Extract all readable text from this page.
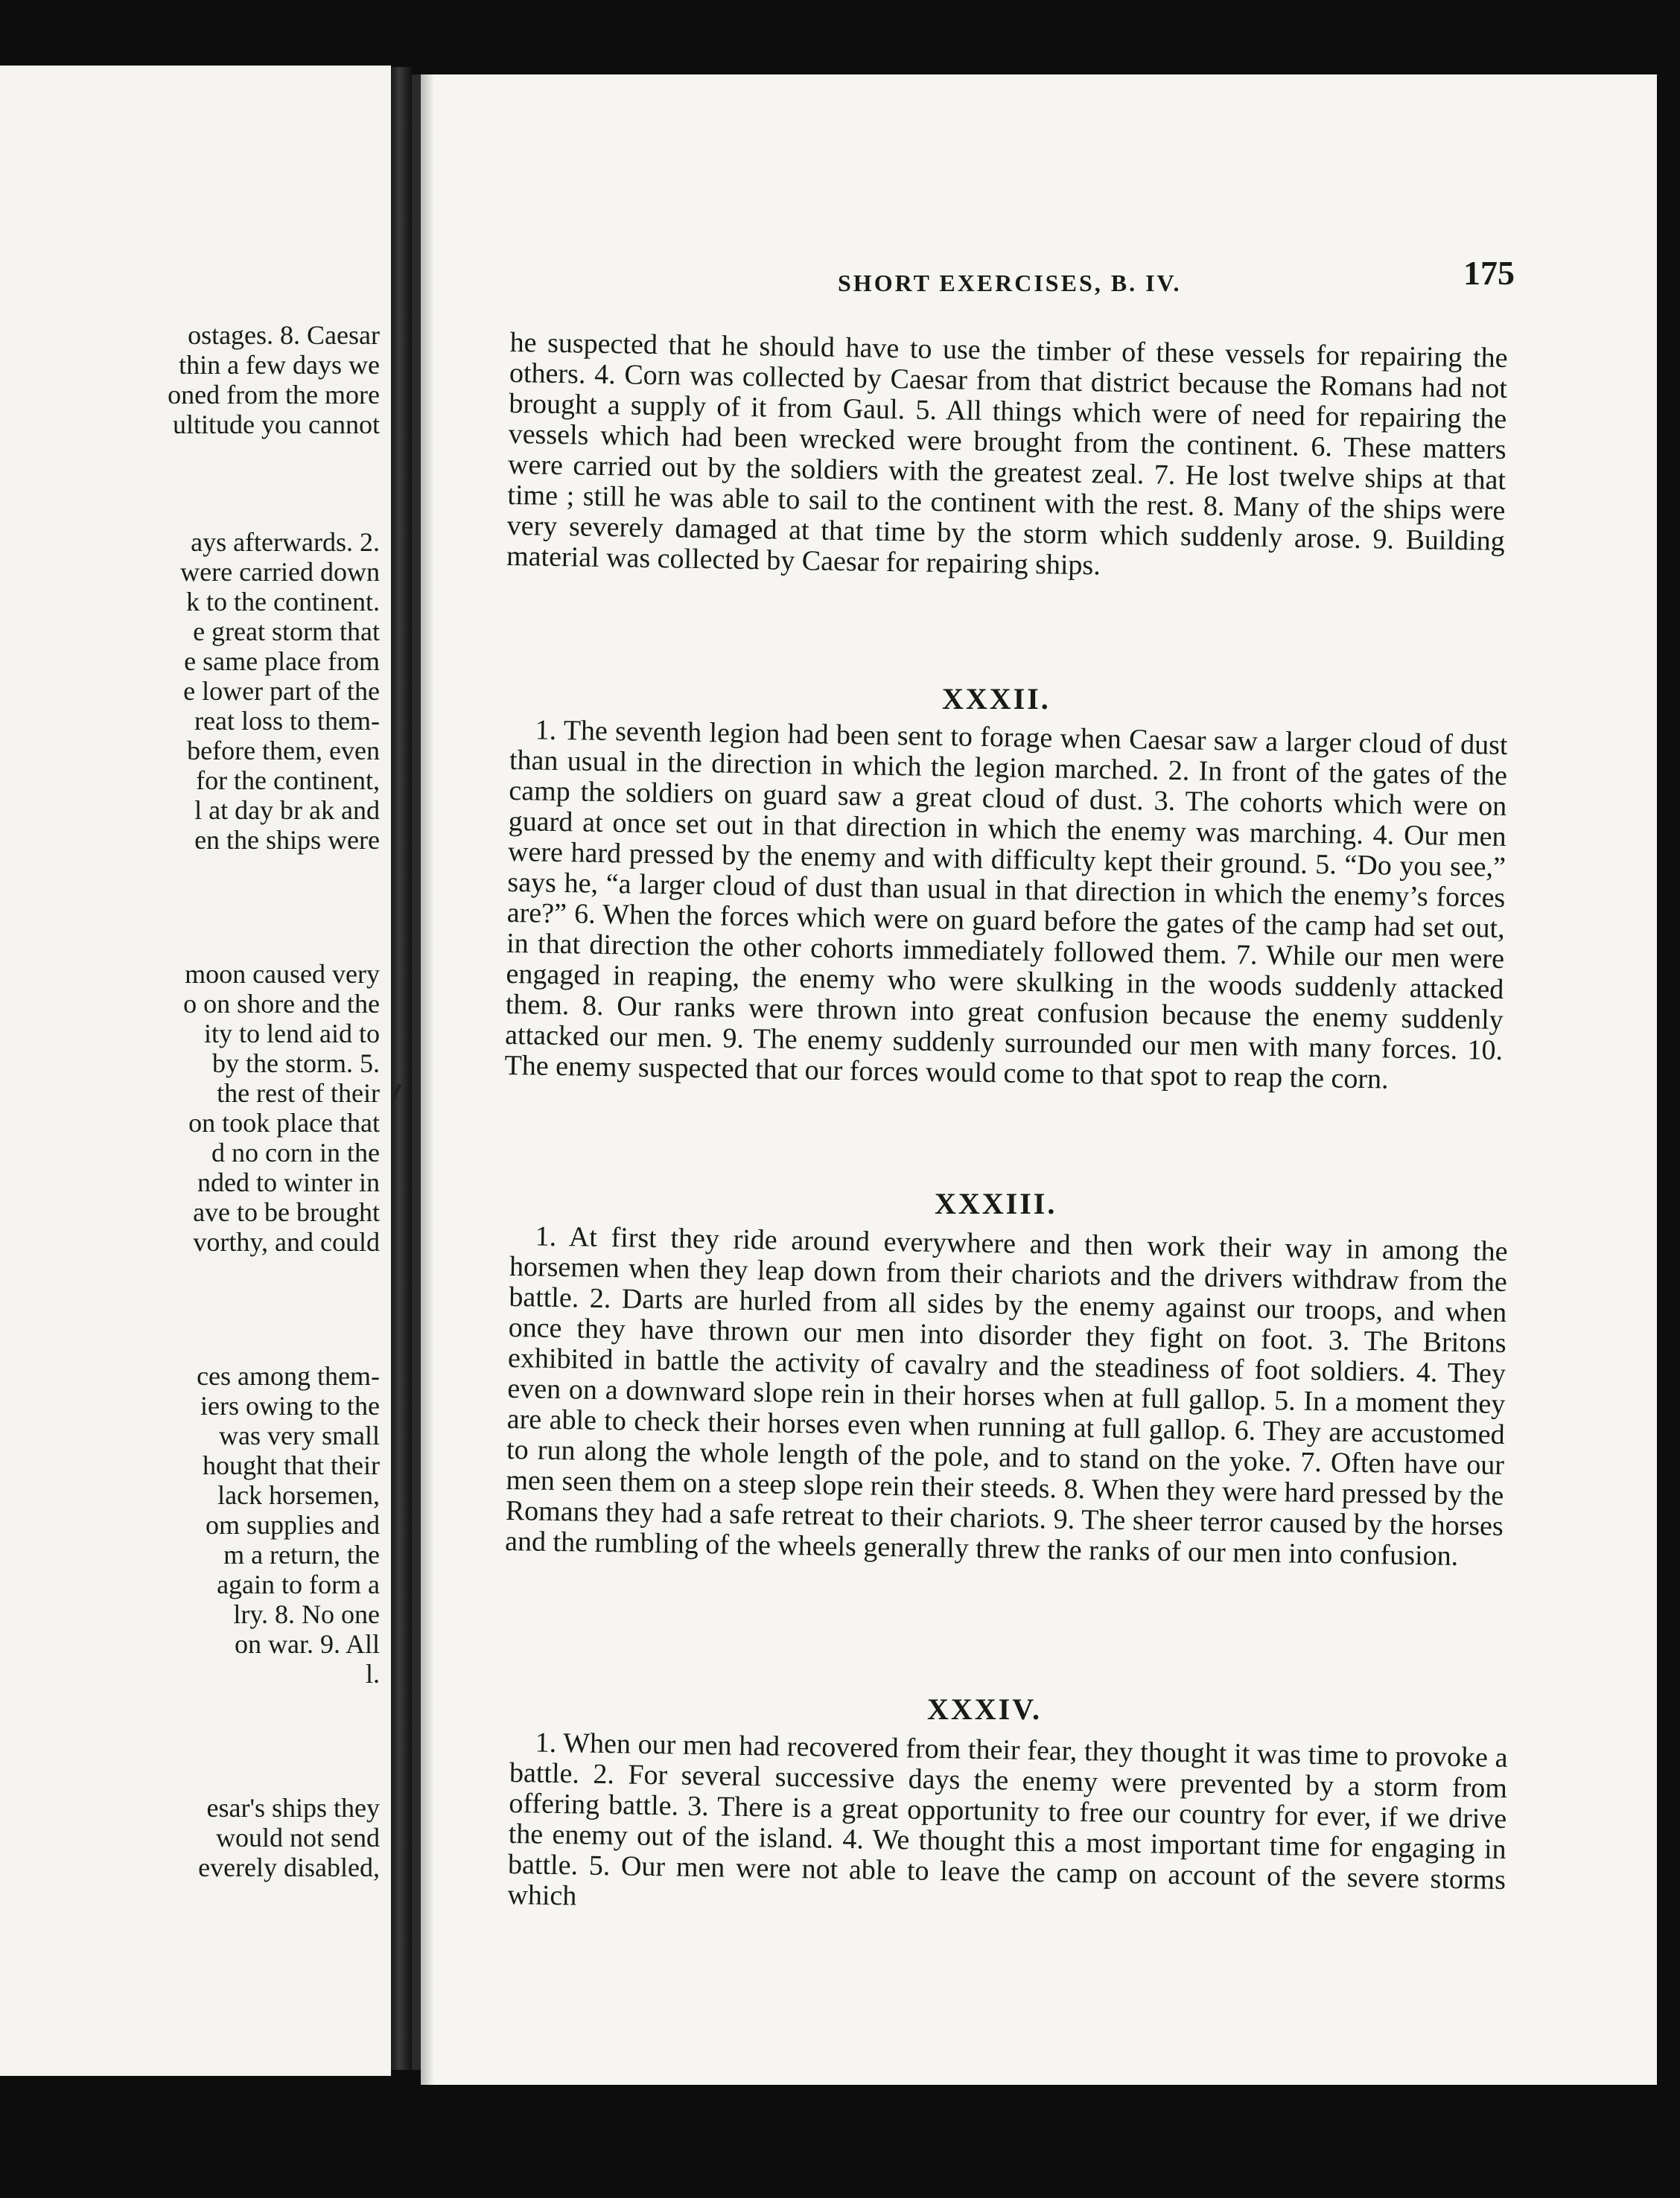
ostages. 8. Caesar
thin a few days we
oned from the more
ultitude you cannot
ays afterwards. 2.
were carried down
k to the continent.
e great storm that
e same place from
e lower part of the
reat loss to them-
before them, even
for the continent,
l at day br ak and
en the ships were
moon caused very
o on shore and the
ity to lend aid to
by the storm. 5.
the rest of their
on took place that
d no corn in the
nded to winter in
ave to be brought
vorthy, and could
ces among them-
iers owing to the
was very small
hought that their
lack horsemen,
om supplies and
m a return, the
again to form a
lry. 8. No one
on war. 9. All
l.
esar's ships they
would not send
everely disabled,
SHORT EXERCISES, B. IV.	175

he suspected that he should have to use the timber of these vessels for repairing the others. 4. Corn was collected by Caesar from that district because the Romans had not brought a supply of it from Gaul. 5. All things which were of need for repairing the vessels which had been wrecked were brought from the continent. 6. These matters were carried out by the soldiers with the greatest zeal. 7. He lost twelve ships at that time ; still he was able to sail to the continent with the rest. 8. Many of the ships were very severely damaged at that time by the storm which suddenly arose. 9. Building material was collected by Caesar for repairing ships.

XXXII.

1. The seventh legion had been sent to forage when Caesar saw a larger cloud of dust than usual in the direction in which the legion marched. 2. In front of the gates of the camp the soldiers on guard saw a great cloud of dust. 3. The cohorts which were on guard at once set out in that direction in which the enemy was marching. 4. Our men were hard pressed by the enemy and with difficulty kept their ground. 5. “Do you see,” says he, “a larger cloud of dust than usual in that direction in which the enemy’s forces are?” 6. When the forces which were on guard before the gates of the camp had set out, in that direction the other cohorts immediately followed them. 7. While our men were engaged in reaping, the enemy who were skulking in the woods suddenly attacked them. 8. Our ranks were thrown into great confusion because the enemy suddenly attacked our men. 9. The enemy suddenly surrounded our men with many forces. 10. The enemy suspected that our forces would come to that spot to reap the corn.

XXXIII.

1. At first they ride around everywhere and then work their way in among the horsemen when they leap down from their chariots and the drivers withdraw from the battle. 2. Darts are hurled from all sides by the enemy against our troops, and when once they have thrown our men into disorder they fight on foot. 3. The Britons exhibited in battle the activity of cavalry and the steadiness of foot soldiers. 4. They even on a downward slope rein in their horses when at full gallop. 5. In a moment they are able to check their horses even when running at full gallop. 6. They are accustomed to run along the whole length of the pole, and to stand on the yoke. 7. Often have our men seen them on a steep slope rein their steeds. 8. When they were hard pressed by the Romans they had a safe retreat to their chariots. 9. The sheer terror caused by the horses and the rumbling of the wheels generally threw the ranks of our men into confusion.

XXXIV.

1. When our men had recovered from their fear, they thought it was time to provoke a battle. 2. For several successive days the enemy were prevented by a storm from offering battle. 3. There is a great opportunity to free our country for ever, if we drive the enemy out of the island. 4. We thought this a most important time for engaging in battle. 5. Our men were not able to leave the camp on account of the severe storms which
